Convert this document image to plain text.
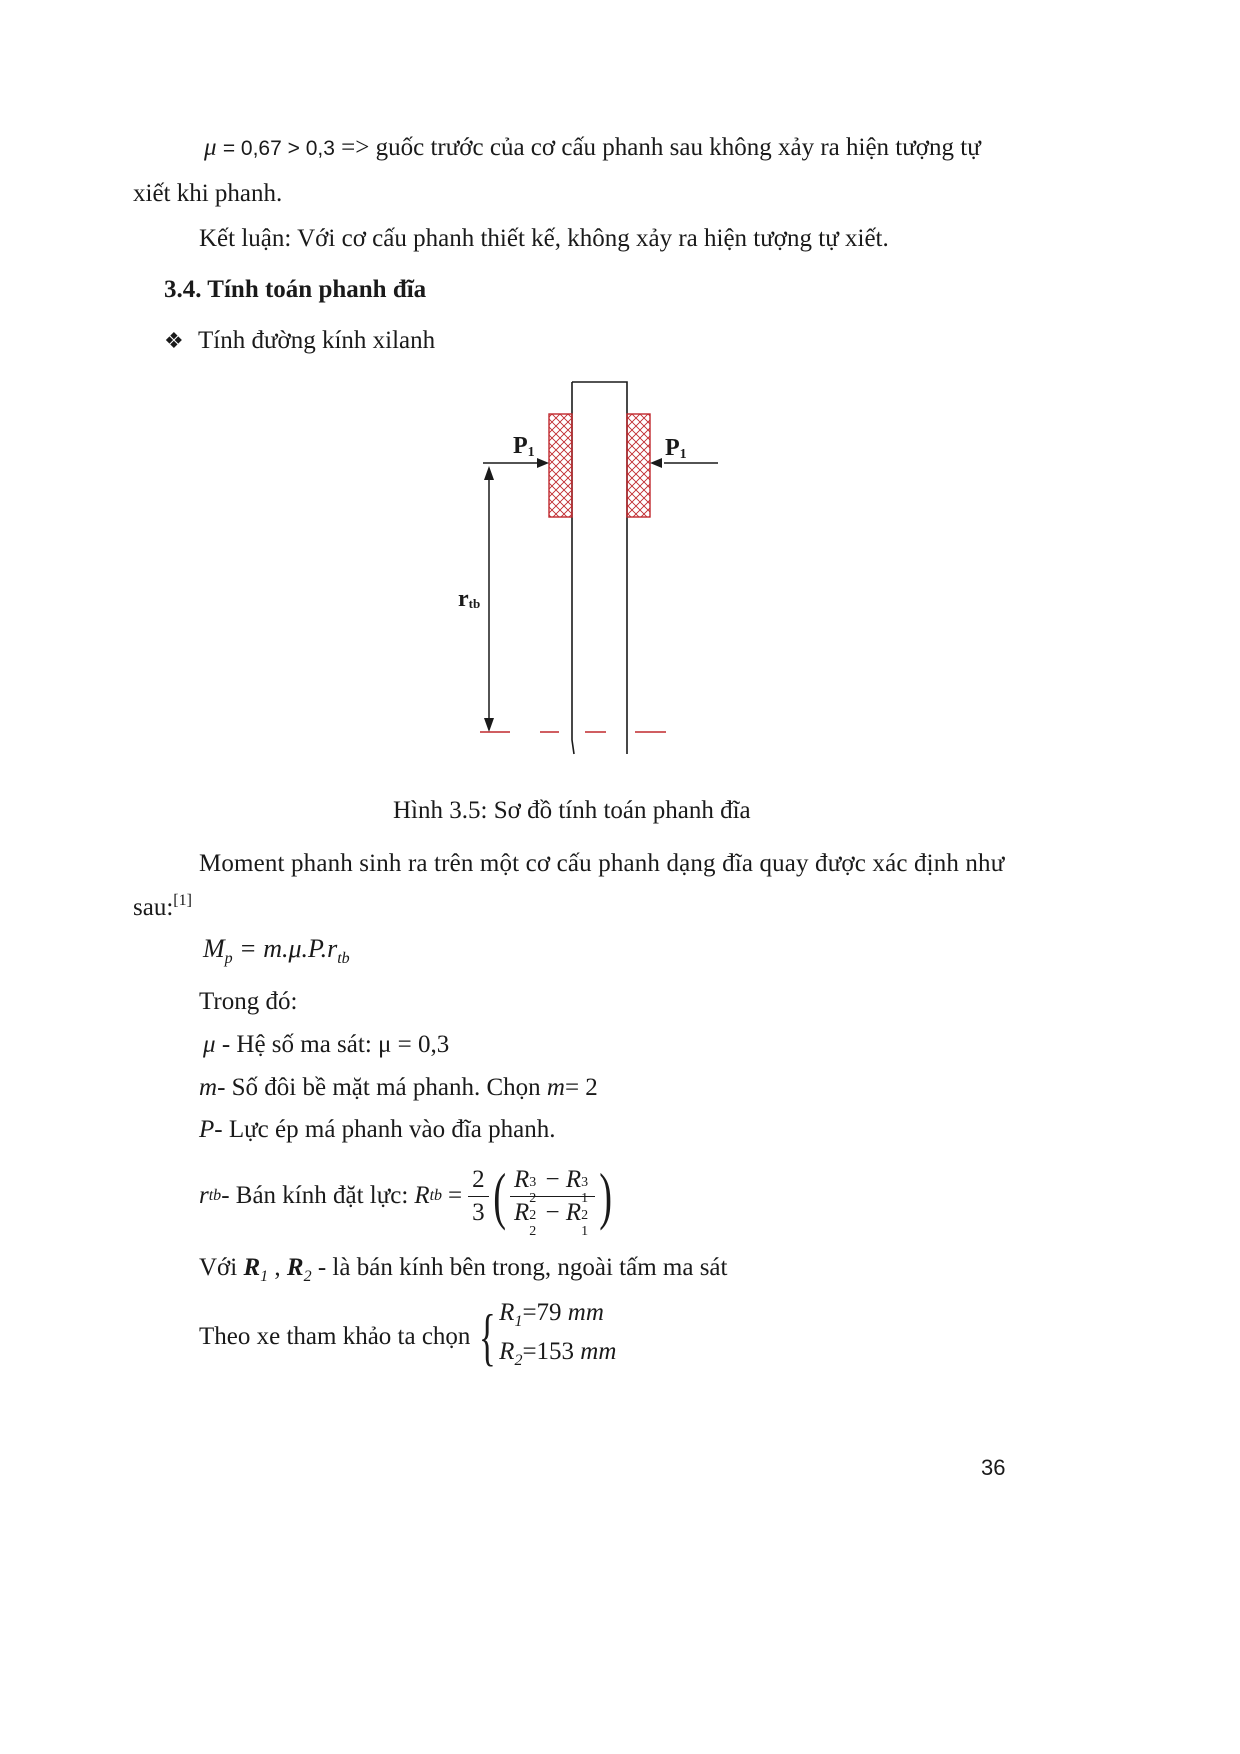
μ = 0,67 > 0,3 => guốc trước của cơ cấu phanh sau không xảy ra hiện tượng tự
xiết khi phanh.
Kết luận: Với cơ cấu phanh thiết kế, không xảy ra hiện tượng tự xiết.
3.4. Tính toán phanh đĩa
❖ Tính đường kính xilanh
P1	P1
rtb
Hình 3.5: Sơ đồ tính toán phanh đĩa
Moment phanh sinh ra trên một cơ cấu phanh dạng đĩa quay được xác định như
sau:[1]
$M_p = m.\mu.P.r_{tb}$
Trong đó:
μ - Hệ số ma sát: μ = 0,3
m- Số đôi bề mặt má phanh. Chọn m= 2
P- Lực ép má phanh vào đĩa phanh.
r tb - Bán kính đặt lực: R tb = $\frac{2}{3}$ ( R 3
2
− R 3
1
R 2
2
− R 2
1 )
Với $R_1$ , $R_2$ - là bán kính bên trong, ngoài tấm ma sát
Theo xe tham khảo ta chọn { $R_1=79$ mm
$R_2=153$ mm
36
